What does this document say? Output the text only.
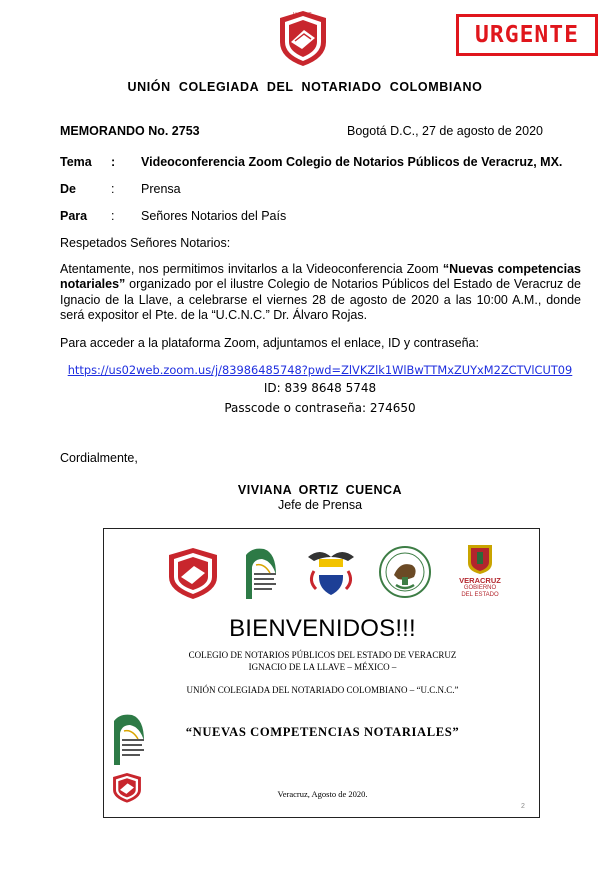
U.C.N.C.
URGENTE
UNIÓN COLEGIADA DEL NOTARIADO COLOMBIANO
MEMORANDO No. 2753	Bogotá D.C., 27 de agosto de 2020
Tema : Videoconferencia Zoom Colegio de Notarios Públicos de Veracruz, MX.
De	: Prensa
Para : Señores Notarios del País
Respetados Señores Notarios:
Atentamente, nos permitimos invitarlos a la Videoconferencia Zoom “Nuevas competencias notariales” organizado por el ilustre Colegio de Notarios Públicos del Estado de Veracruz de Ignacio de la Llave, a celebrarse el viernes 28 de agosto de 2020 a las 10:00 A.M., donde será expositor el Pte. de la “U.C.N.C.” Dr. Álvaro Rojas.
Para acceder a la plataforma Zoom, adjuntamos el enlace, ID y contraseña:
https://us02web.zoom.us/j/83986485748?pwd=ZlVKZlk1WlBwTTMxZUYxM2ZCTVlCUT09
ID: 839 8648 5748
Passcode o contraseña: 274650
Cordialmente,
VIVIANA ORTIZ CUENCA
Jefe de Prensa
VERACRUZ
GOBIERNO
DEL ESTADO
BIENVENIDOS!!!
COLEGIO DE NOTARIOS PÚBLICOS DEL ESTADO DE VERACRUZ
IGNACIO DE LA LLAVE – MÉXICO –
UNIÓN COLEGIADA DEL NOTARIADO COLOMBIANO – “U.C.N.C.”
“NUEVAS COMPETENCIAS NOTARIALES”
Veracruz, Agosto de 2020.
2
